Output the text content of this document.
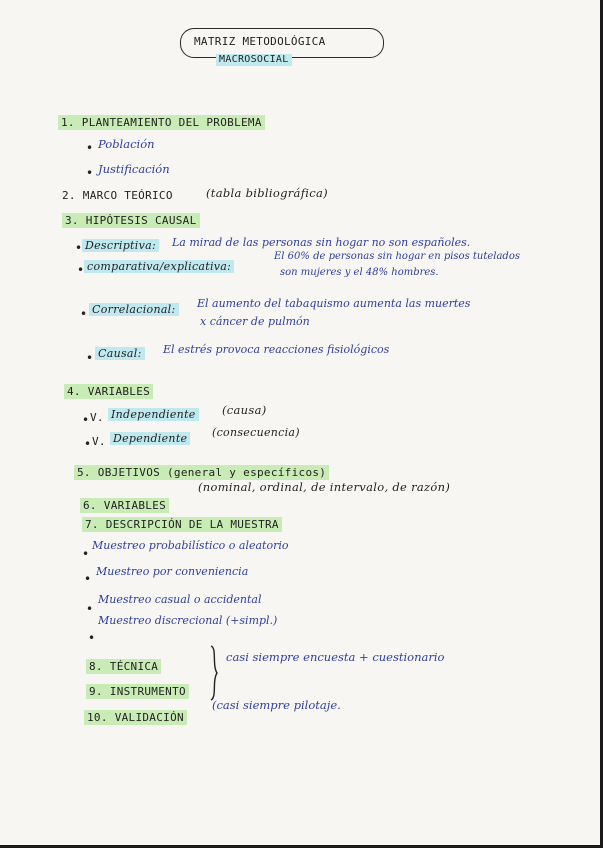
MATRIZ METODOLÓGICA
MACROSOCIAL
1. PLANTEAMIENTO DEL PROBLEMA
• Población
• Justificación
2. MARCO TEÓRICO	(tabla bibliográfica)
3. HIPÓTESIS CAUSAL
• Descriptiva: La mirad de las personas sin hogar no son españoles.
• comparativa/explicativa:
El 60% de personas sin hogar en pisos tutelados
son mujeres y el 48% hombres.
• Correlacional: El aumento del tabaquismo aumenta las muertes
x cáncer de pulmón
• Causal: El estrés provoca reacciones fisiológicos
4. VARIABLES
• V. Independiente (causa)
• V. Dependiente (consecuencia)
5. OBJETIVOS (general y específicos)
6. VARIABLES
(nominal, ordinal, de intervalo, de razón)
7. DESCRIPCIÓN DE LA MUESTRA
•
Muestreo probabilístico o aleatorio
•
Muestreo por conveniencia
•
Muestreo casual o accidental
•
Muestreo discrecional (+simpl.)
8. TÉCNICA
9. INSTRUMENTO
casi siempre encuesta + cuestionario
10. VALIDACIÓN
(casi siempre pilotaje.
